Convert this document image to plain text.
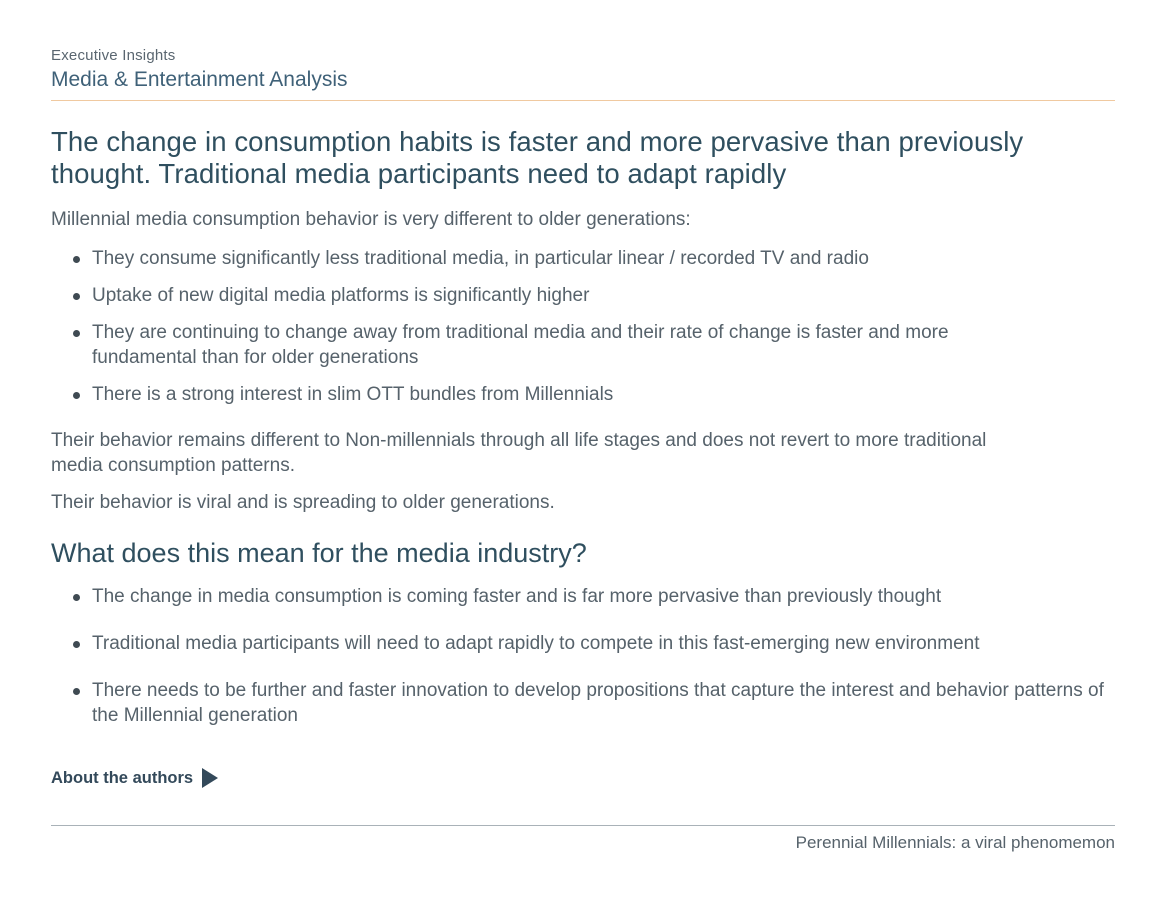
Executive Insights
Media & Entertainment Analysis
The change in consumption habits is faster and more pervasive than previously
thought. Traditional media participants need to adapt rapidly
Millennial media consumption behavior is very different to older generations:
They consume significantly less traditional media, in particular linear / recorded TV and radio
Uptake of new digital media platforms is significantly higher
They are continuing to change away from traditional media and their rate of change is faster and more fundamental than for older generations
There is a strong interest in slim OTT bundles from Millennials
Their behavior remains different to Non-millennials through all life stages and does not revert to more traditional media consumption patterns.
Their behavior is viral and is spreading to older generations.
What does this mean for the media industry?
The change in media consumption is coming faster and is far more pervasive than previously thought
Traditional media participants will need to adapt rapidly to compete in this fast-emerging new environment
There needs to be further and faster innovation to develop propositions that capture the interest and behavior patterns of the Millennial generation
About the authors
Perennial Millennials: a viral phenomemon
